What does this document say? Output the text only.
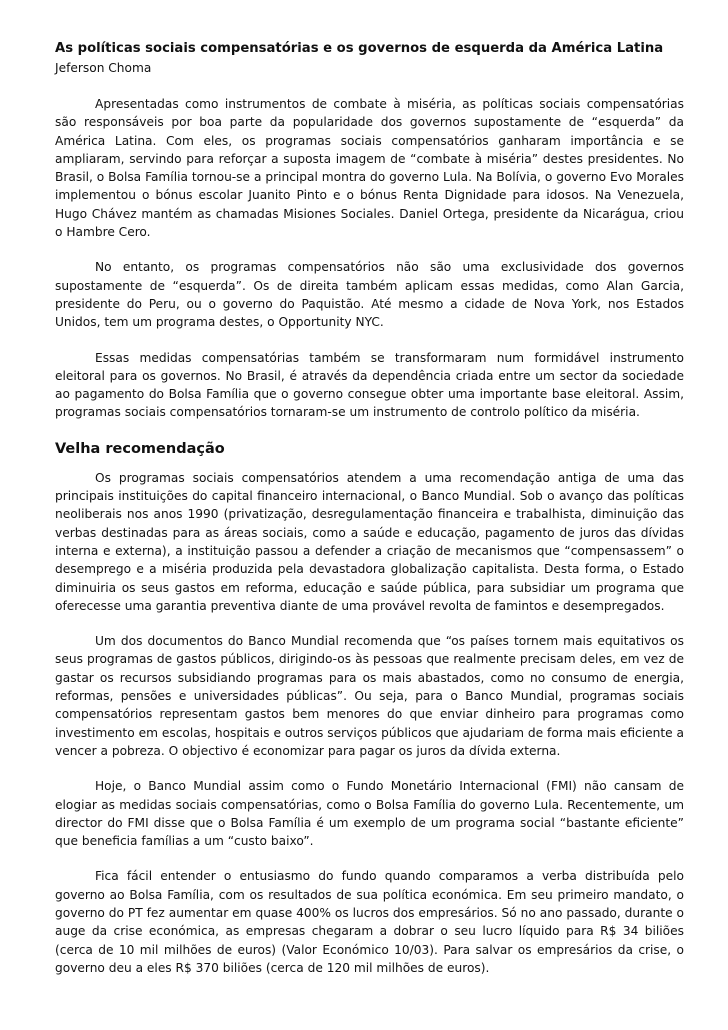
As políticas sociais compensatórias e os governos de esquerda da América Latina
Jeferson Choma

Apresentadas como instrumentos de combate à miséria, as políticas sociais compensatórias são responsáveis por boa parte da popularidade dos governos supostamente de “esquerda” da América Latina. Com eles, os programas sociais compensatórios ganharam importância e se ampliaram, servindo para reforçar a suposta imagem de “combate à miséria” destes presidentes. No Brasil, o Bolsa Família tornou-se a principal montra do governo Lula. Na Bolívia, o governo Evo Morales implementou o bónus escolar Juanito Pinto e o bónus Renta Dignidade para idosos. Na Venezuela, Hugo Chávez mantém as chamadas Misiones Sociales. Daniel Ortega, presidente da Nicarágua, criou o Hambre Cero.

No entanto, os programas compensatórios não são uma exclusividade dos governos supostamente de “esquerda”. Os de direita também aplicam essas medidas, como Alan Garcia, presidente do Peru, ou o governo do Paquistão. Até mesmo a cidade de Nova York, nos Estados Unidos, tem um programa destes, o Opportunity NYC.

Essas medidas compensatórias também se transformaram num formidável instrumento eleitoral para os governos. No Brasil, é através da dependência criada entre um sector da sociedade ao pagamento do Bolsa Família que o governo consegue obter uma importante base eleitoral. Assim, programas sociais compensatórios tornaram-se um instrumento de controlo político da miséria.

Velha recomendação

Os programas sociais compensatórios atendem a uma recomendação antiga de uma das principais instituições do capital financeiro internacional, o Banco Mundial. Sob o avanço das políticas neoliberais nos anos 1990 (privatização, desregulamentação financeira e trabalhista, diminuição das verbas destinadas para as áreas sociais, como a saúde e educação, pagamento de juros das dívidas interna e externa), a instituição passou a defender a criação de mecanismos que “compensassem” o desemprego e a miséria produzida pela devastadora globalização capitalista. Desta forma, o Estado diminuiria os seus gastos em reforma, educação e saúde pública, para subsidiar um programa que oferecesse uma garantia preventiva diante de uma provável revolta de famintos e desempregados.

Um dos documentos do Banco Mundial recomenda que “os países tornem mais equitativos os seus programas de gastos públicos, dirigindo-os às pessoas que realmente precisam deles, em vez de gastar os recursos subsidiando programas para os mais abastados, como no consumo de energia, reformas, pensões e universidades públicas”. Ou seja, para o Banco Mundial, programas sociais compensatórios representam gastos bem menores do que enviar dinheiro para programas como investimento em escolas, hospitais e outros serviços públicos que ajudariam de forma mais eficiente a vencer a pobreza. O objectivo é economizar para pagar os juros da dívida externa.

Hoje, o Banco Mundial assim como o Fundo Monetário Internacional (FMI) não cansam de elogiar as medidas sociais compensatórias, como o Bolsa Família do governo Lula. Recentemente, um director do FMI disse que o Bolsa Família é um exemplo de um programa social “bastante eficiente” que beneficia famílias a um “custo baixo”.

Fica fácil entender o entusiasmo do fundo quando comparamos a verba distribuída pelo governo ao Bolsa Família, com os resultados de sua política económica. Em seu primeiro mandato, o governo do PT fez aumentar em quase 400% os lucros dos empresários. Só no ano passado, durante o auge da crise económica, as empresas chegaram a dobrar o seu lucro líquido para R$ 34 biliões (cerca de 10 mil milhões de euros) (Valor Económico 10/03). Para salvar os empresários da crise, o governo deu a eles R$ 370 biliões (cerca de 120 mil milhões de euros).
